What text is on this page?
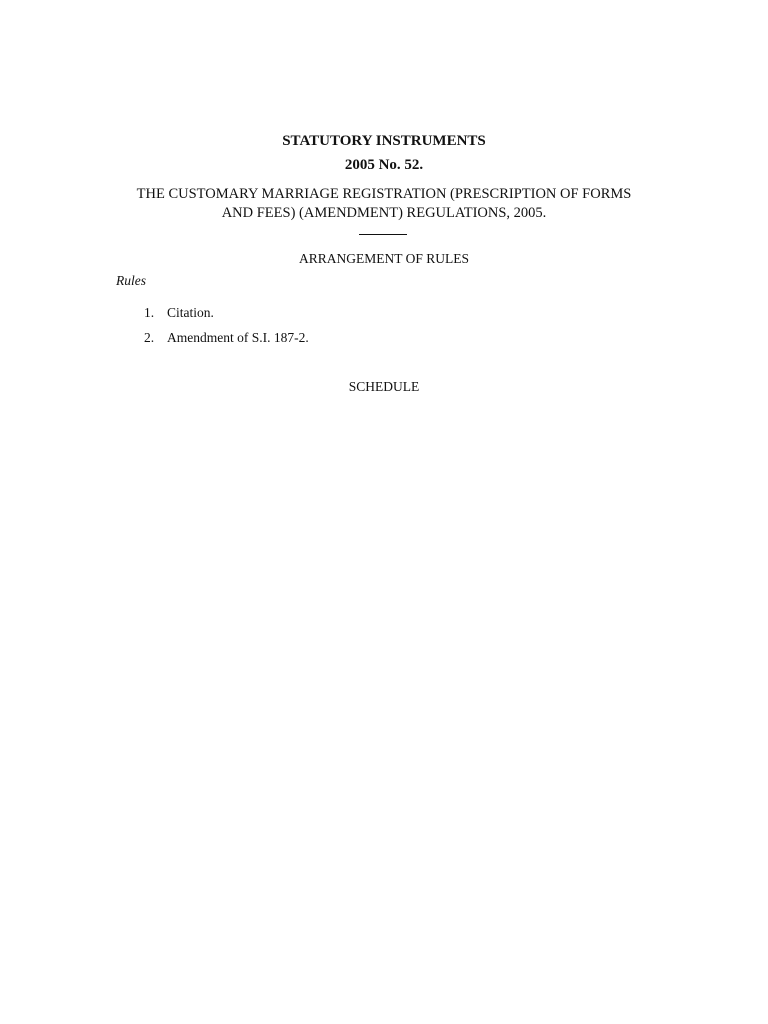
STATUTORY INSTRUMENTS
2005 No. 52.
THE CUSTOMARY MARRIAGE REGISTRATION (PRESCRIPTION OF FORMS
AND FEES) (AMENDMENT) REGULATIONS, 2005.
ARRANGEMENT OF RULES
Rules
1. Citation.
2. Amendment of S.I. 187-2.
SCHEDULE
